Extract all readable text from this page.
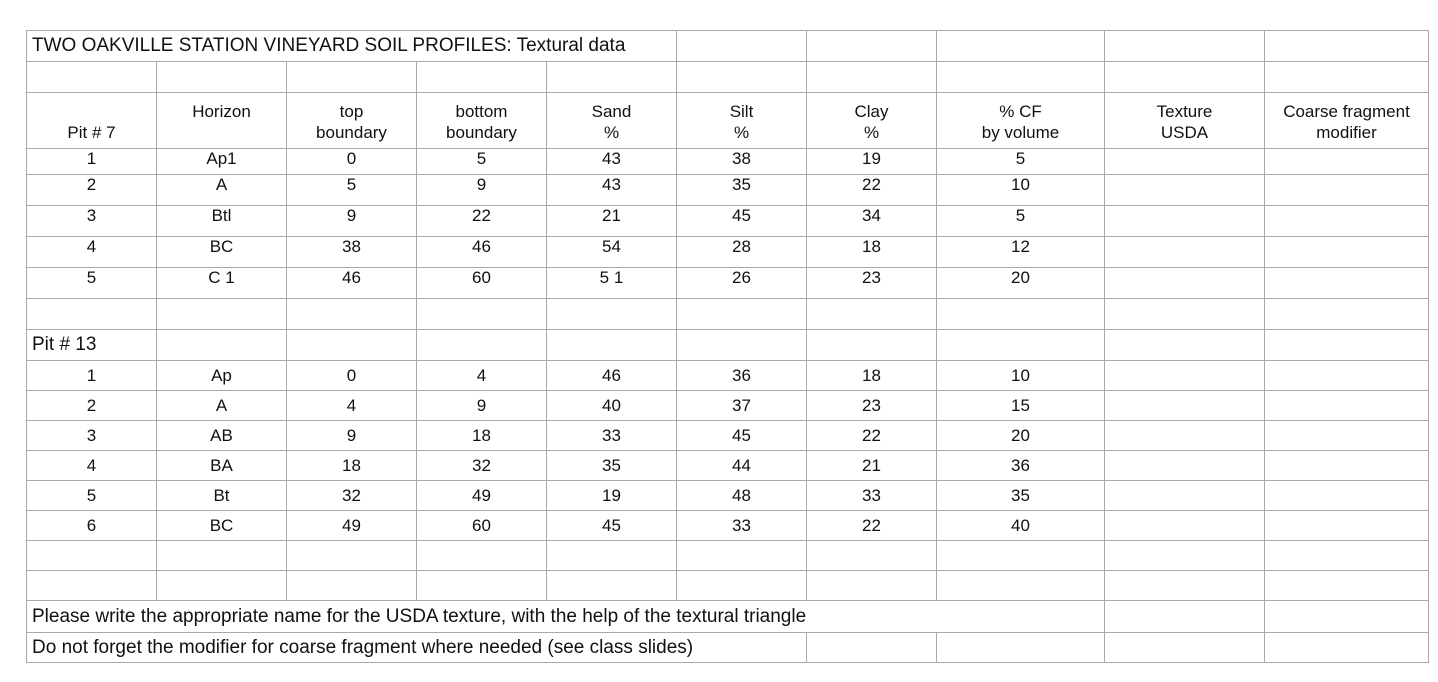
TWO OAKVILLE STATION VINEYARD SOIL PROFILES: Textural data									

	Horizon	top	bottom	Sand	Silt	Clay	% CF	Texture	Coarse fragment
Pit # 7		boundary	boundary	%	%	%	by volume	USDA	modifier
1	Ap1	0	5	43	38	19	5		
2	A	5	9	43	35	22	10		
3	Btl	9	22	21	45	34	5		
4	BC	38	46	54	28	18	12		
5	C 1	46	60	5 1	26	23	20		

Pit # 13									
1	Ap	0	4	46	36	18	10		
2	A	4	9	40	37	23	15		
3	AB	9	18	33	45	22	20		
4	BA	18	32	35	44	21	36		
5	Bt	32	49	19	48	33	35		
6	BC	49	60	45	33	22	40		

Please write the appropriate name for the USDA texture, with the help of the textural triangle									
Do not forget the modifier for coarse fragment where needed (see class slides)									
